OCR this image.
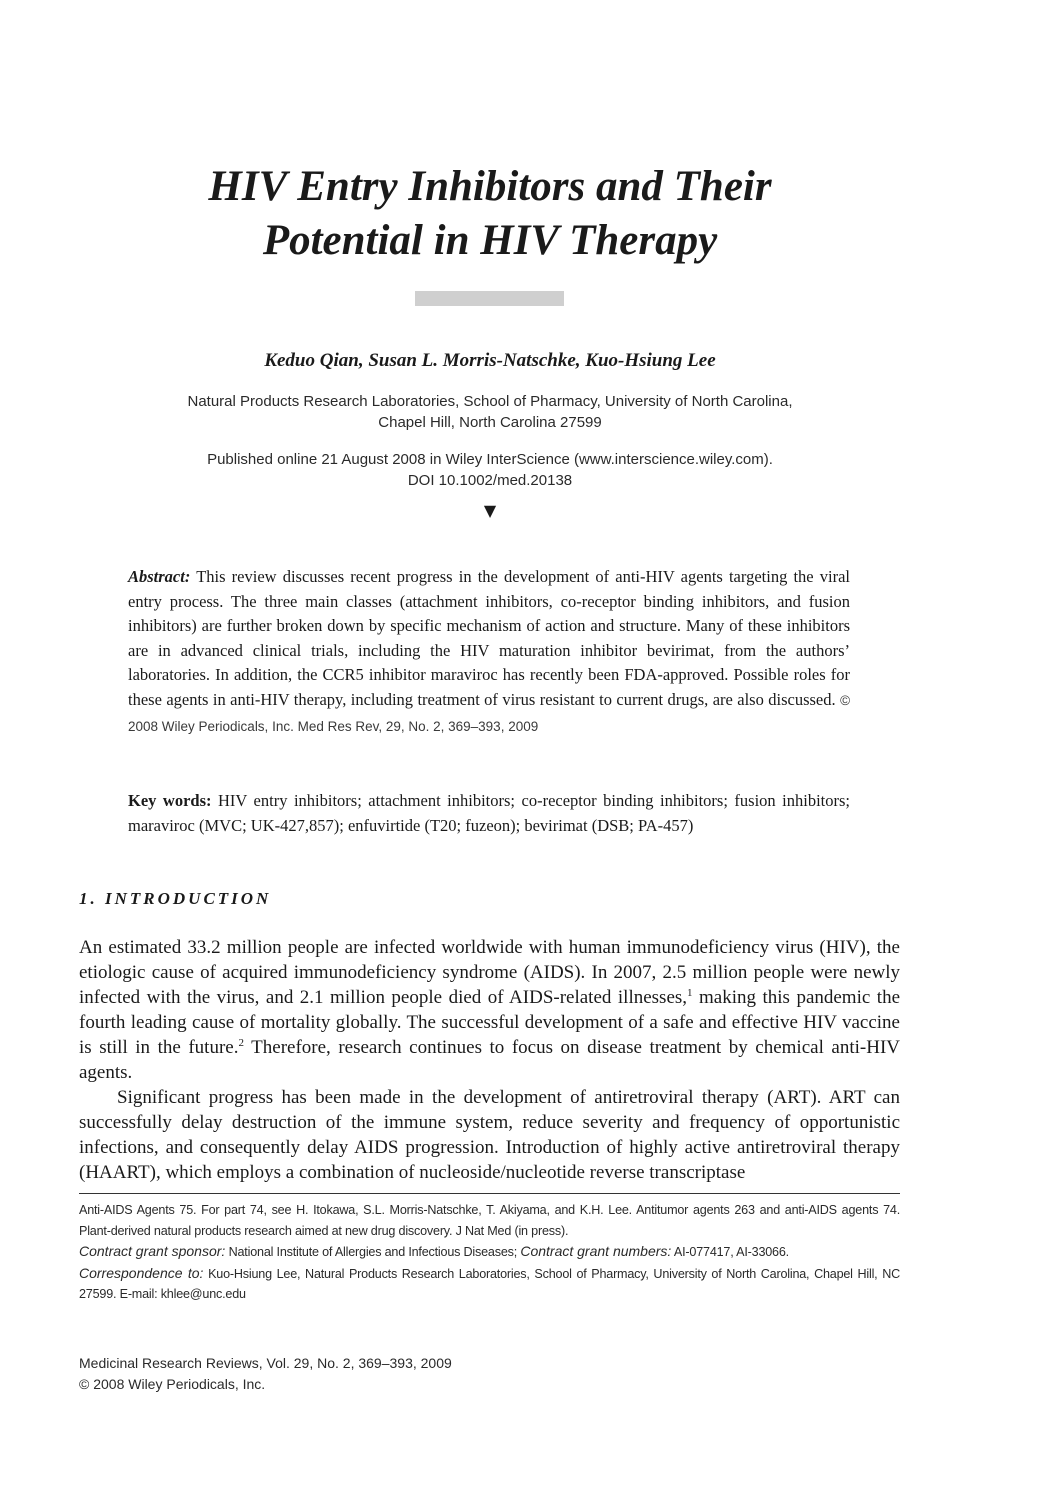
HIV Entry Inhibitors and Their
Potential in HIV Therapy
Keduo Qian, Susan L. Morris-Natschke, Kuo-Hsiung Lee
Natural Products Research Laboratories, School of Pharmacy, University of North Carolina,
Chapel Hill, North Carolina 27599
Published online 21 August 2008 in Wiley InterScience (www.interscience.wiley.com).
DOI 10.1002/med.20138
▼
Abstract: This review discusses recent progress in the development of anti-HIV agents targeting the viral entry process. The three main classes (attachment inhibitors, co-receptor binding inhibitors, and fusion inhibitors) are further broken down by specific mechanism of action and structure. Many of these inhibitors are in advanced clinical trials, including the HIV maturation inhibitor bevirimat, from the authors’ laboratories. In addition, the CCR5 inhibitor maraviroc has recently been FDA-approved. Possible roles for these agents in anti-HIV therapy, including treatment of virus resistant to current drugs, are also discussed. © 2008 Wiley Periodicals, Inc. Med Res Rev, 29, No. 2, 369–393, 2009
Key words: HIV entry inhibitors; attachment inhibitors; co-receptor binding inhibitors; fusion inhibitors; maraviroc (MVC; UK-427,857); enfuvirtide (T20; fuzeon); bevirimat (DSB; PA-457)
1. INTRODUCTION

An estimated 33.2 million people are infected worldwide with human immunodeficiency virus (HIV), the etiologic cause of acquired immunodeficiency syndrome (AIDS). In 2007, 2.5 million people were newly infected with the virus, and 2.1 million people died of AIDS-related illnesses,$^1$ making this pandemic the fourth leading cause of mortality globally. The successful development of a safe and effective HIV vaccine is still in the future.$^2$ Therefore, research continues to focus on disease treatment by chemical anti-HIV agents.

Significant progress has been made in the development of antiretroviral therapy (ART). ART can successfully delay destruction of the immune system, reduce severity and frequency of opportunistic infections, and consequently delay AIDS progression. Introduction of highly active antiretroviral therapy (HAART), which employs a combination of nucleoside/nucleotide reverse transcriptase

Anti-AIDS Agents 75. For part 74, see H. Itokawa, S.L. Morris-Natschke, T. Akiyama, and K.H. Lee. Antitumor agents 263 and anti-AIDS agents 74. Plant-derived natural products research aimed at new drug discovery. J Nat Med (in press).

Contract grant sponsor: National Institute of Allergies and Infectious Diseases; Contract grant numbers: AI-077417, AI-33066.

Correspondence to: Kuo-Hsiung Lee, Natural Products Research Laboratories, School of Pharmacy, University of North Carolina, Chapel Hill, NC 27599. E-mail: khlee@unc.edu

Medicinal Research Reviews, Vol. 29, No. 2, 369–393, 2009
© 2008 Wiley Periodicals, Inc.
